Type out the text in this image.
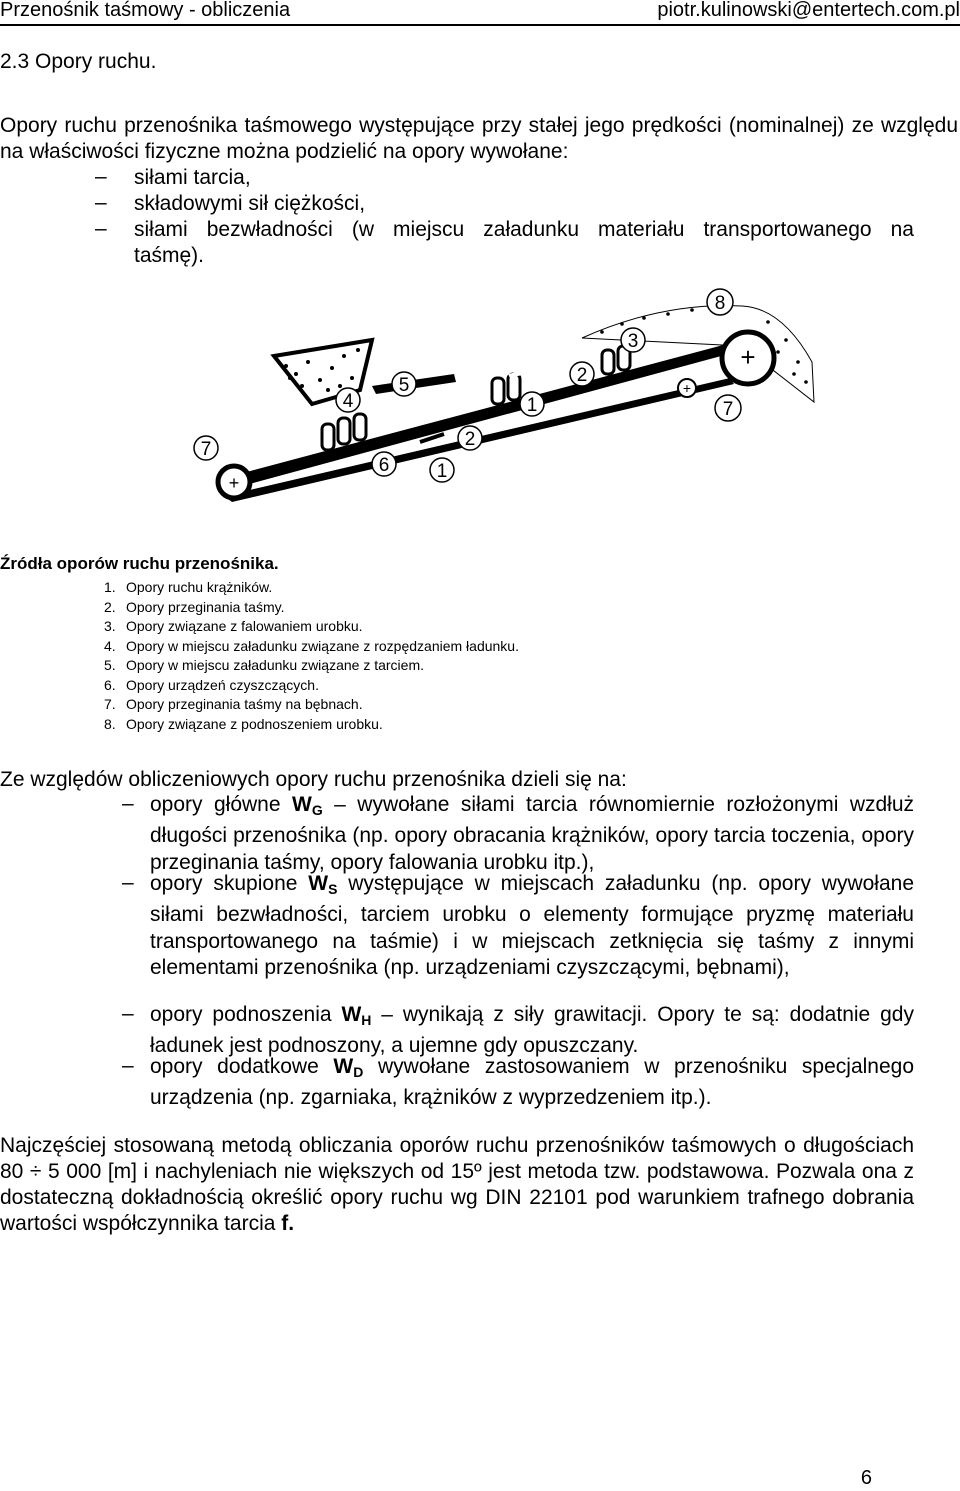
Przenośnik taśmowy - obliczenia	piotr.kulinowski@entertech.com.pl
2.3 Opory ruchu.
Opory ruchu przenośnika taśmowego występujące przy stałej jego prędkości (nominalnej) ze względu na właściwości fizyczne można podzielić na opory wywołane:
– siłami tarcia,
– składowymi sił ciężkości,
– siłami bezwładności (w miejscu załadunku materiału transportowanego na
taśmę).
+
+
+
8
3
5	2
4	1	7
2
6 1
7
Źródła oporów ruchu przenośnika.
1. Opory ruchu krążników.
2. Opory przeginania taśmy.
3. Opory związane z falowaniem urobku.
4. Opory w miejscu załadunku związane z rozpędzaniem ładunku.
5. Opory w miejscu załadunku związane z tarciem.
6. Opory urządzeń czyszczących.
7. Opory przeginania taśmy na bębnach.
8. Opory związane z podnoszeniem urobku.
Ze względów obliczeniowych opory ruchu przenośnika dzieli się na:
– opory główne $W_G$ – wywołane siłami tarcia równomiernie rozłożonymi wzdłuż długości przenośnika (np. opory obracania krążników, opory tarcia toczenia, opory przeginania taśmy, opory falowania urobku itp.),
– opory skupione $W_S$ występujące w miejscach załadunku (np. opory wywołane siłami bezwładności, tarciem urobku o elementy formujące pryzmę materiału transportowanego na taśmie) i w miejscach zetknięcia się taśmy z innymi elementami przenośnika (np. urządzeniami czyszczącymi, bębnami),
– opory podnoszenia $W_H$ – wynikają z siły grawitacji. Opory te są: dodatnie gdy ładunek jest podnoszony, a ujemne gdy opuszczany.
– opory dodatkowe $W_D$ wywołane zastosowaniem w przenośniku specjalnego urządzenia (np. zgarniaka, krążników z wyprzedzeniem itp.).
Najczęściej stosowaną metodą obliczania oporów ruchu przenośników taśmowych o długościach 80 ÷ 5 000 [m] i nachyleniach nie większych od 15º jest metoda tzw. podstawowa. Pozwala ona z dostateczną dokładnością określić opory ruchu wg DIN 22101 pod warunkiem trafnego dobrania wartości współczynnika tarcia f.
6
